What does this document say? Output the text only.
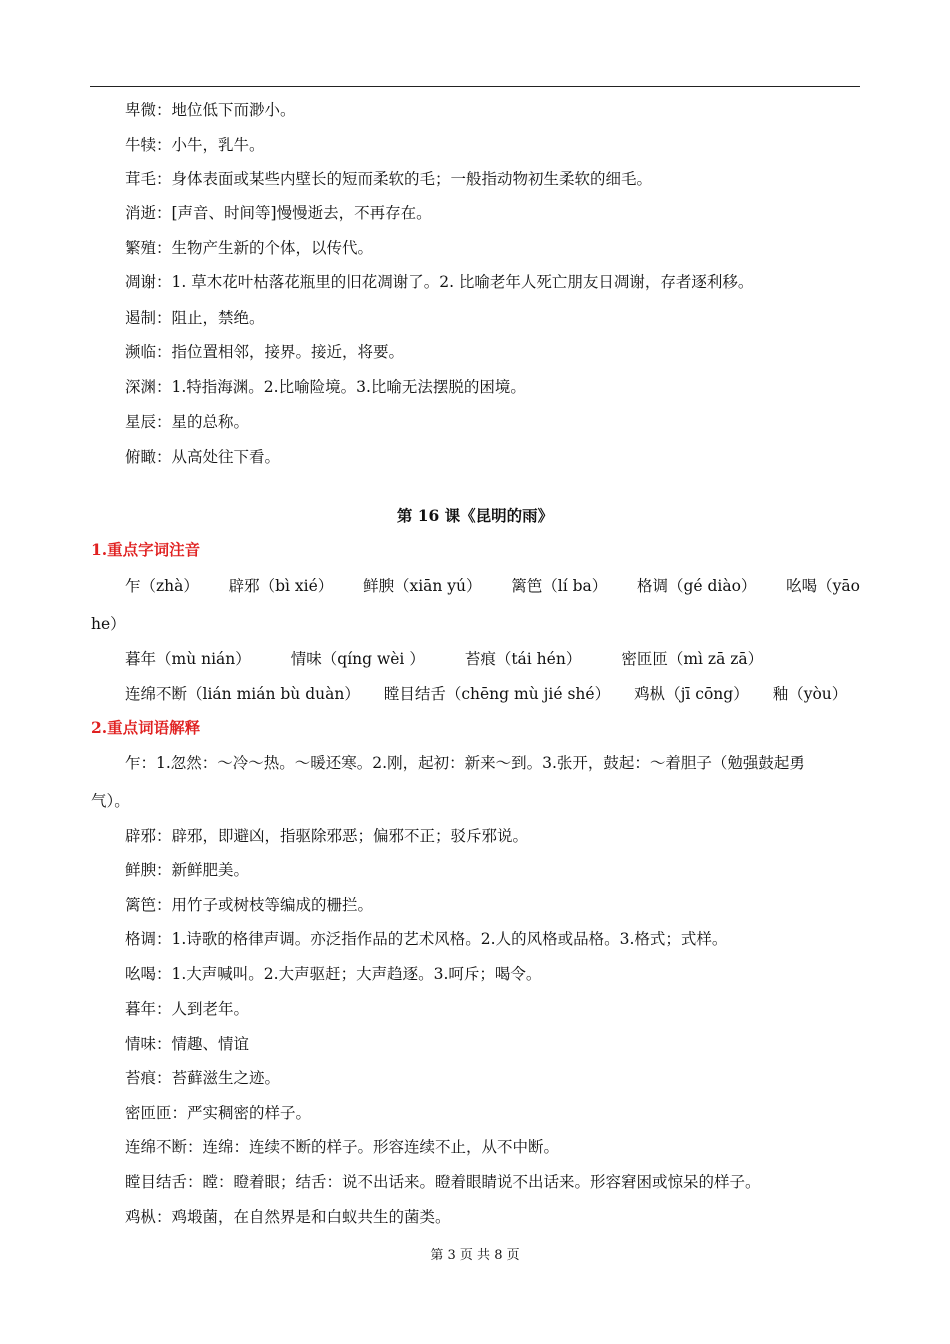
卑微：地位低下而渺小。
牛犊：小牛，乳牛。
茸毛：身体表面或某些内壁长的短而柔软的毛；一般指动物初生柔软的细毛。
消逝：[声音、时间等]慢慢逝去，不再存在。
繁殖：生物产生新的个体，以传代。
凋谢：1. 草木花叶枯落花瓶里的旧花凋谢了。2. 比喻老年人死亡朋友日凋谢，存者逐利移。
遏制：阻止，禁绝。
濒临：指位置相邻，接界。接近，将要。
深渊：1.特指海渊。2.比喻险境。3.比喻无法摆脱的困境。
星辰：星的总称。
俯瞰：从高处往下看。
第 16 课《昆明的雨》
1.重点字词注音
乍（zhà） 辟邪（bì xié） 鲜腴（xiān yú） 篱笆（lí ba） 格调（gé diào） 吆喝（yāo
he）
暮年（mù nián）	情味（qíng wèi ）	苔痕（tái hén）	密匝匝（mì zā zā）
连绵不断（lián mián bù duàn） 瞠目结舌（chēng mù jié shé） 鸡枞（jī cōng） 釉（yòu）
2.重点词语解释
乍：1.忽然：～冷～热。～暖还寒。2.刚，起初：新来～到。3.张开，鼓起：～着胆子（勉强鼓起勇
气）。
辟邪：辟邪，即避凶，指驱除邪恶；偏邪不正；驳斥邪说。
鲜腴：新鲜肥美。
篱笆：用竹子或树枝等编成的栅拦。
格调：1.诗歌的格律声调。亦泛指作品的艺术风格。2.人的风格或品格。3.格式；式样。
吆喝：1.大声喊叫。2.大声驱赶；大声趋逐。3.呵斥；喝令。
暮年：人到老年。
情味：情趣、情谊
苔痕：苔藓滋生之迹。
密匝匝：严实稠密的样子。
连绵不断：连绵：连续不断的样子。形容连续不止，从不中断。
瞠目结舌：瞠：瞪着眼；结舌：说不出话来。瞪着眼睛说不出话来。形容窘困或惊呆的样子。
鸡枞：鸡塅菌，在自然界是和白蚁共生的菌类。
第 3 页 共 8 页
